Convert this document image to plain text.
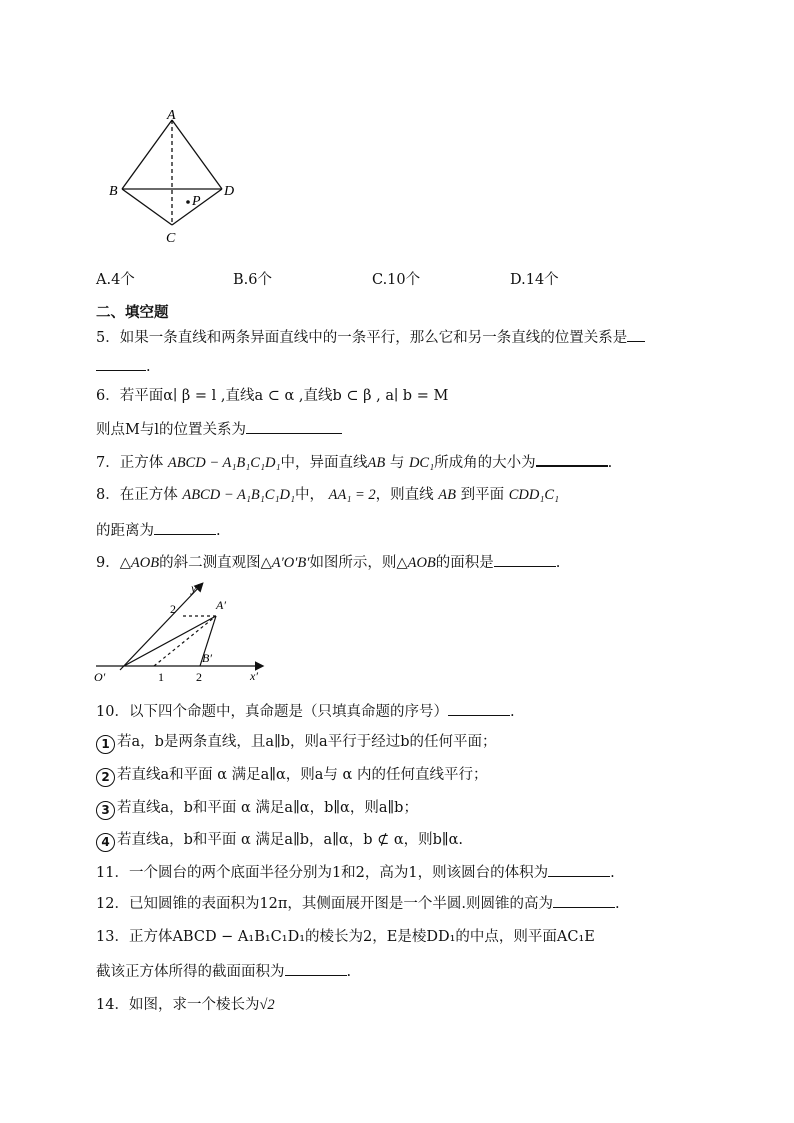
A
B	D
C
P
A.4个	B.6个	C.10个	D.14个
二、填空题
5．如果一条直线和两条异面直线中的一条平行，那么它和另一条直线的位置关系是
.
6．若平面α∣ β = l ,直线a ⊂ α ,直线b ⊂ β , a∣ b = M
则点M与l的位置关系为
7．正方体 ABCD − A₁B₁C₁D₁中，异面直线AB 与 DC₁所成角的大小为	.
8．在正方体 ABCD − A₁B₁C₁D₁中， AA₁ = 2，则直线 AB 到平面 CDD₁C₁
的距离为	.
9．△AOB的斜二测直观图△A′O′B′如图所示，则△AOB的面积是	.
y′
x′
O′
A′
B′
2
1	2
10．以下四个命题中，真命题是（只填真命题的序号）	.
1 若a，b是两条直线，且a∥b，则a平行于经过b的任何平面；
2 若直线a和平面 α 满足a∥α，则a与 α 内的任何直线平行；
3 若直线a，b和平面 α 满足a∥α，b∥α，则a∥b；
4 若直线a，b和平面 α 满足a∥b，a∥α，b ⊄ α，则b∥α.
11．一个圆台的两个底面半径分别为1和2，高为1，则该圆台的体积为	.
12．已知圆锥的表面积为12π，其侧面展开图是一个半圆.则圆锥的高为	.
13．正方体ABCD − A₁B₁C₁D₁的棱长为2，E是棱DD₁的中点，则平面AC₁E
截该正方体所得的截面面积为	.
14．如图，求一个棱长为√2
